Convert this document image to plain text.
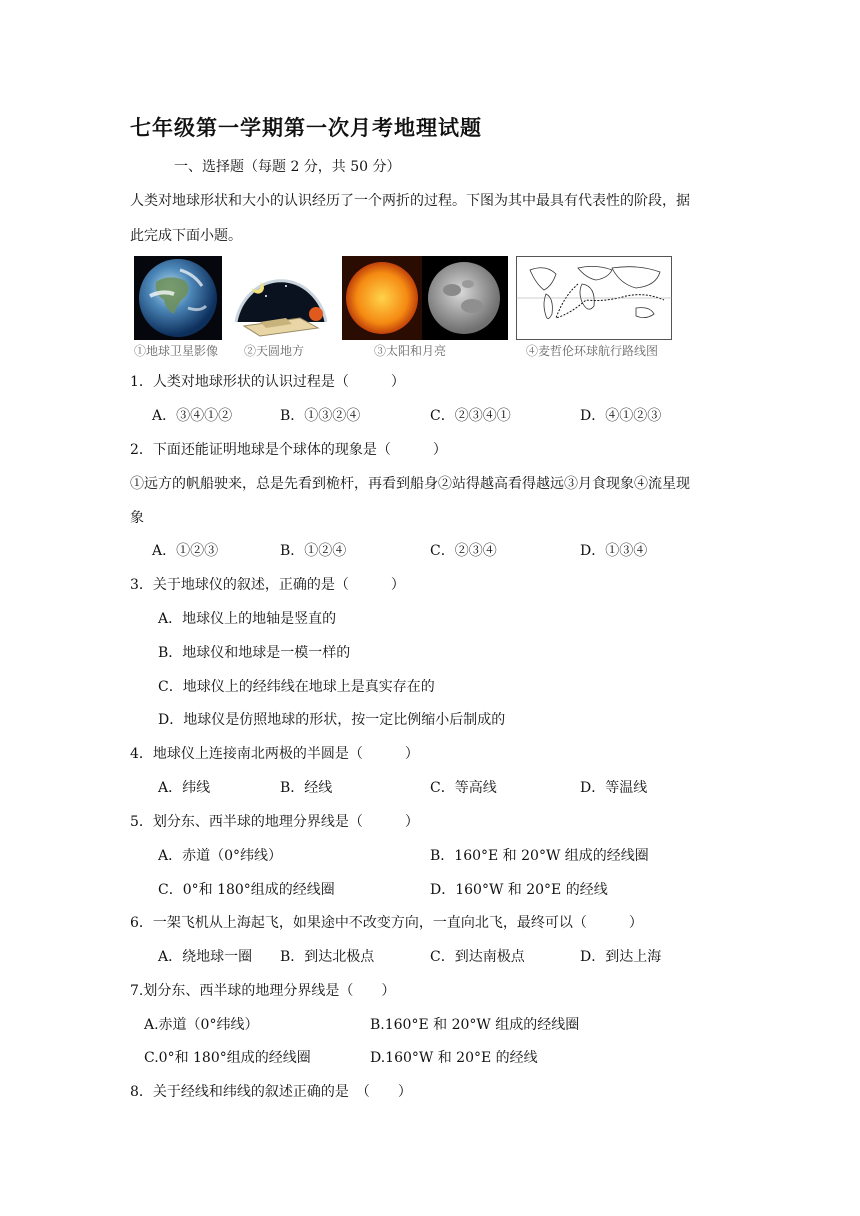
七年级第一学期第一次月考地理试题
一、选择题（每题 2 分，共 50 分）
人类对地球形状和大小的认识经历了一个两折的过程。下图为其中最具有代表性的阶段，据
此完成下面小题。
①地球卫星影像 ②天圆地方	③太阳和月亮	④麦哲伦环球航行路线图
1．人类对地球形状的认识过程是（　　　）
A．③④①②	B．①③②④	C．②③④①	D．④①②③
2．下面还能证明地球是个球体的现象是（　　　）
①远方的帆船驶来，总是先看到桅杆，再看到船身②站得越高看得越远③月食现象④流星现
象
A．①②③	B．①②④	C．②③④	D．①③④
3．关于地球仪的叙述，正确的是（　　　）
A．地球仪上的地轴是竖直的
B．地球仪和地球是一模一样的
C．地球仪上的经纬线在地球上是真实存在的
D．地球仪是仿照地球的形状，按一定比例缩小后制成的
4．地球仪上连接南北两极的半圆是（　　　）
A．纬线	B．经线	C．等高线	D．等温线
5．划分东、西半球的地理分界线是（　　　）
A．赤道（0°纬线）	B．160°E 和 20°W 组成的经线圈
C．0°和 180°组成的经线圈	D．160°W 和 20°E 的经线
6．一架飞机从上海起飞，如果途中不改变方向，一直向北飞，最终可以（　　　）
A．绕地球一圈 B．到达北极点	C．到达南极点	D．到达上海
7.划分东、西半球的地理分界线是（　　）
A.赤道（0°纬线）	B.160°E 和 20°W 组成的经线圈
C.0°和 180°组成的经线圈	D.160°W 和 20°E 的经线
8．关于经线和纬线的叙述正确的是　（　　）
